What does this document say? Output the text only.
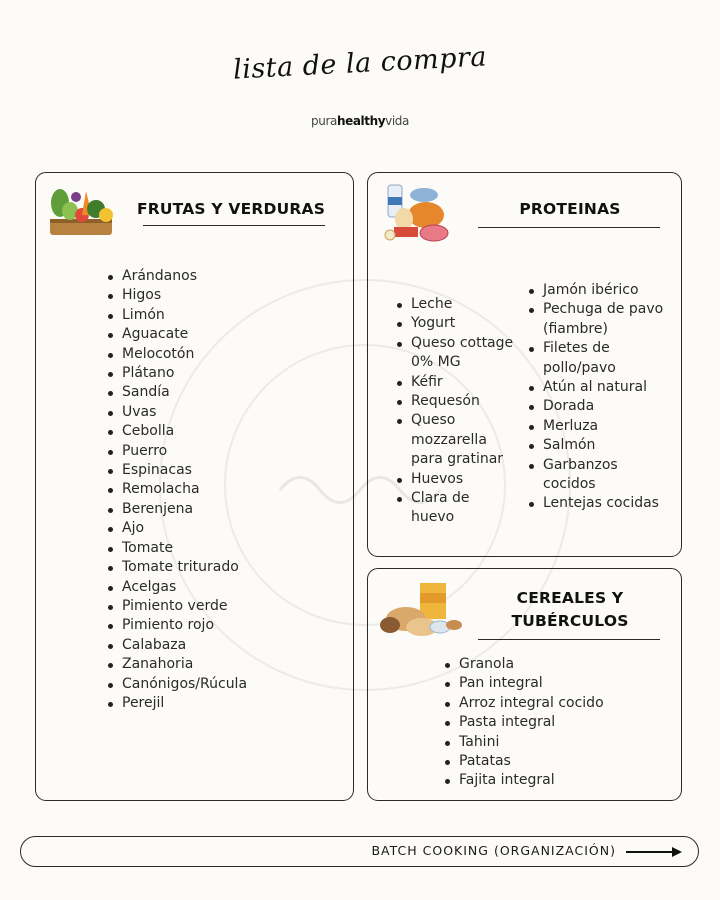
lista de la compra
purahealthyvida
FRUTAS Y VERDURAS
Arándanos
Higos
Limón
Aguacate
Melocotón
Plátano
Sandía
Uvas
Cebolla
Puerro
Espinacas
Remolacha
Berenjena
Ajo
Tomate
Tomate triturado
Acelgas
Pimiento verde
Pimiento rojo
Calabaza
Zanahoria
Canónigos/Rúcula
Perejil
PROTEINAS
Leche
Yogurt
Queso cottage 0% MG
Kéfir
Requesón
Queso mozzarella para gratinar
Huevos
Clara de huevo
Jamón ibérico
Pechuga de pavo (fiambre)
Filetes de pollo/pavo
Atún al natural
Dorada
Merluza
Salmón
Garbanzos cocidos
Lentejas cocidas
CEREALES Y
TUBÉRCULOS
Granola
Pan integral
Arroz integral cocido
Pasta integral
Tahini
Patatas
Fajita integral
BATCH COOKING (ORGANIZACIÓN)
